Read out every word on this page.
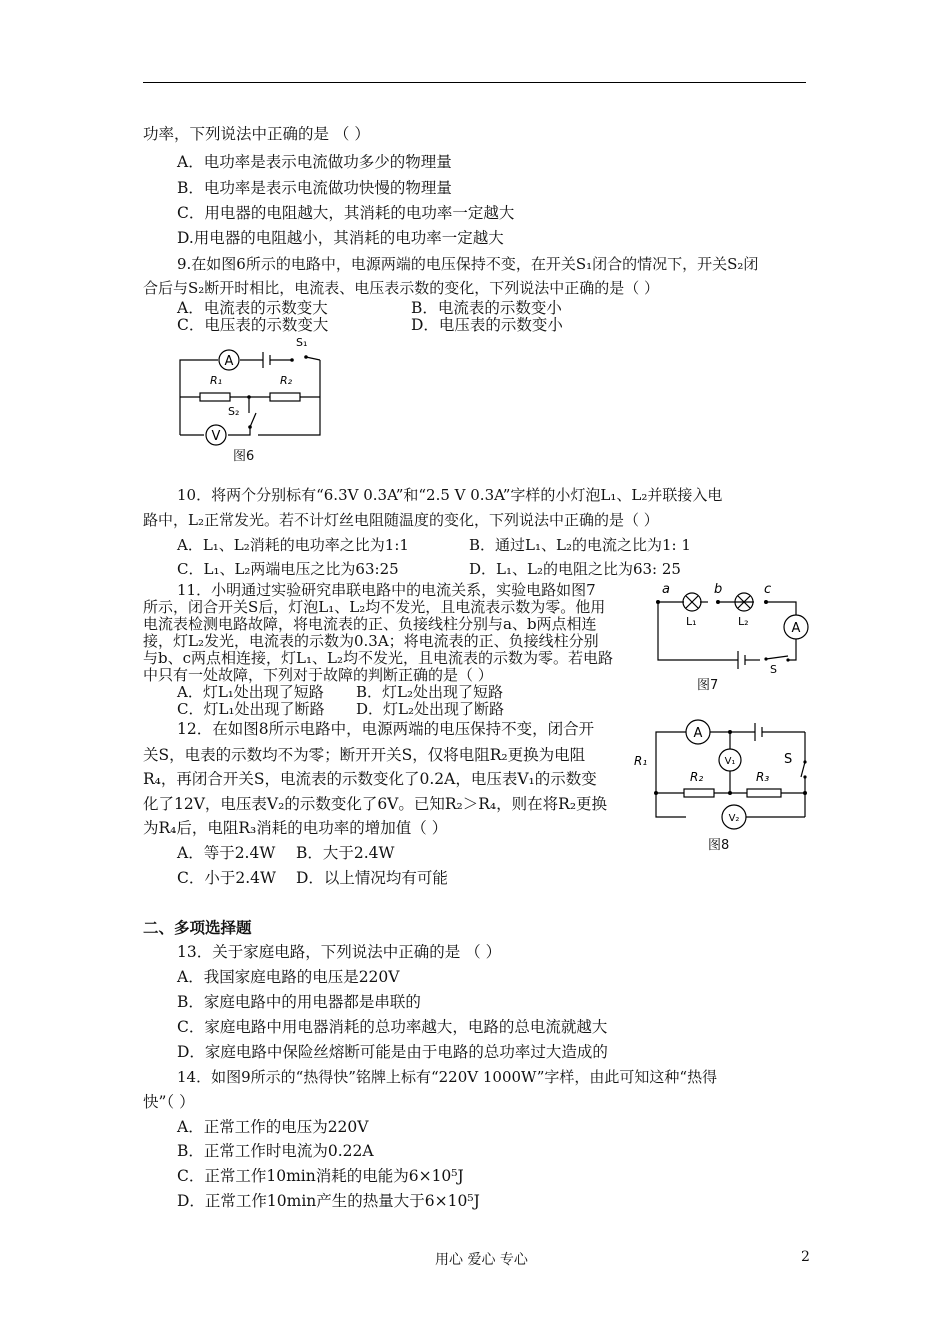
功率，下列说法中正确的是 （ ）
A．电功率是表示电流做功多少的物理量
B．电功率是表示电流做功快慢的物理量
C．用电器的电阻越大，其消耗的电功率一定越大
D.用电器的电阻越小，其消耗的电功率一定越大
9.在如图6所示的电路中，电源两端的电压保持不变，在开关S₁闭合的情况下，开关S₂闭
合后与S₂断开时相比，电流表、电压表示数的变化，下列说法中正确的是（ ）
A．电流表的示数变大	B．电流表的示数变小
C．电压表的示数变大	D．电压表的示数变小
A
V
S₁
S₂
R₁	R₂
图6
10．将两个分别标有“6.3V 0.3A”和“2.5 V 0.3A”字样的小灯泡L₁、L₂并联接入电
路中，L₂正常发光。若不计灯丝电阻随温度的变化，下列说法中正确的是（ ）
A．L₁、L₂消耗的电功率之比为1:1	B．通过L₁、L₂的电流之比为1: 1
C．L₁、L₂两端电压之比为63:25	D．L₁、L₂的电阻之比为63: 25
11．小明通过实验研究串联电路中的电流关系，实验电路如图7
所示，闭合开关S后，灯泡L₁、L₂均不发光，且电流表示数为零。他用
电流表检测电路故障，将电流表的正、负接线柱分别与a、b两点相连
接，灯L₂发光，电流表的示数为0.3A；将电流表的正、负接线柱分别
与b、c两点相连接，灯L₁、L₂均不发光，且电流表的示数为零。若电路
中只有一处故障，下列对于故障的判断正确的是（ ）
A．灯L₁处出现了短路 B．灯L₂处出现了短路
C．灯L₁处出现了断路 D．灯L₂处出现了断路
a	b	c
L₁	L₂	A
S
图7
12．在如图8所示电路中，电源两端的电压保持不变，闭合开
关S，电表的示数均不为零；断开开关S，仅将电阻R₂更换为电阻
R₄，再闭合开关S，电流表的示数变化了0.2A，电压表V₁的示数变
化了12V，电压表V₂的示数变化了6V。已知R₂＞R₄，则在将R₂更换
为R₄后，电阻R₃消耗的电功率的增加值（ ）
A．等于2.4W B．大于2.4W
C．小于2.4W D．以上情况均有可能
A
V₁
V₂
R₁
R₂	R₃
S
图8
二、多项选择题
13．关于家庭电路，下列说法中正确的是 （ ）
A．我国家庭电路的电压是220V
B．家庭电路中的用电器都是串联的
C．家庭电路中用电器消耗的总功率越大，电路的总电流就越大
D．家庭电路中保险丝熔断可能是由于电路的总功率过大造成的
14．如图9所示的“热得快”铭牌上标有“220V 1000W”字样，由此可知这种“热得
快”（ ）
A．正常工作的电压为220V
B．正常工作时电流为0.22A
C．正常工作10min消耗的电能为6×10⁵J
D．正常工作10min产生的热量大于6×10⁵J
用心 爱心 专心	2
